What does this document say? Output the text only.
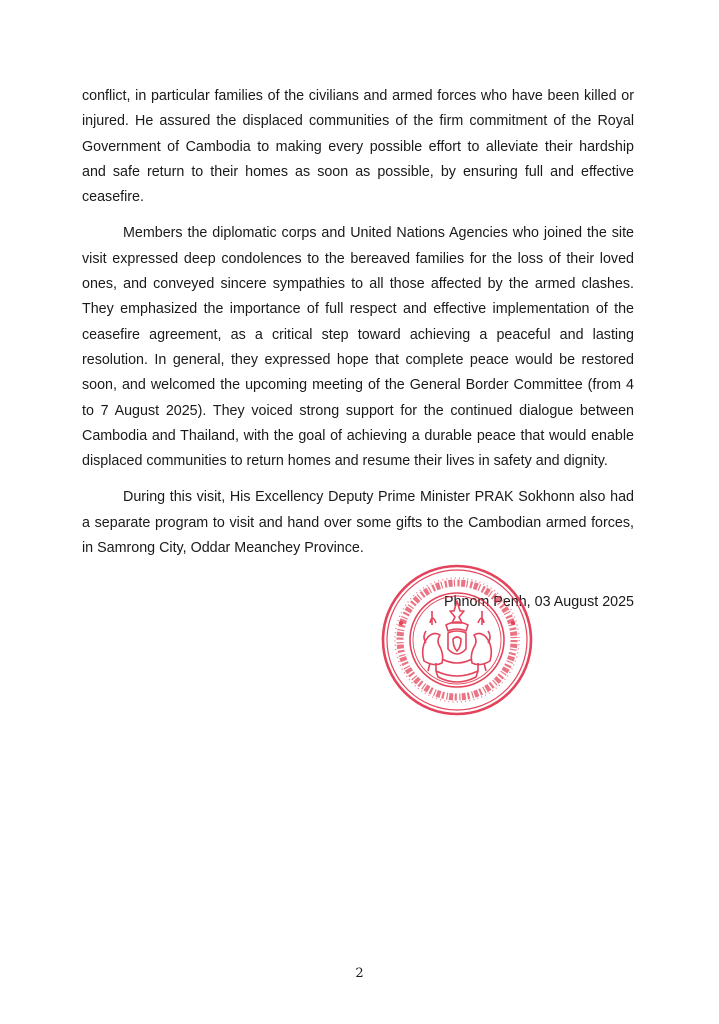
conflict, in particular families of the civilians and armed forces who have been killed or injured. He assured the displaced communities of the firm commitment of the Royal Government of Cambodia to making every possible effort to alleviate their hardship and safe return to their homes as soon as possible, by ensuring full and effective ceasefire.

Members the diplomatic corps and United Nations Agencies who joined the site visit expressed deep condolences to the bereaved families for the loss of their loved ones, and conveyed sincere sympathies to all those affected by the armed clashes. They emphasized the importance of full respect and effective implementation of the ceasefire agreement, as a critical step toward achieving a peaceful and lasting resolution. In general, they expressed hope that complete peace would be restored soon, and welcomed the upcoming meeting of the General Border Committee (from 4 to 7 August 2025). They voiced strong support for the continued dialogue between Cambodia and Thailand, with the goal of achieving a durable peace that would enable displaced communities to return homes and resume their lives in safety and dignity.

During this visit, His Excellency Deputy Prime Minister PRAK Sokhonn also had a separate program to visit and hand over some gifts to the Cambodian armed forces, in Samrong City, Oddar Meanchey Province.

Phnom Penh, 03 August 2025
2
